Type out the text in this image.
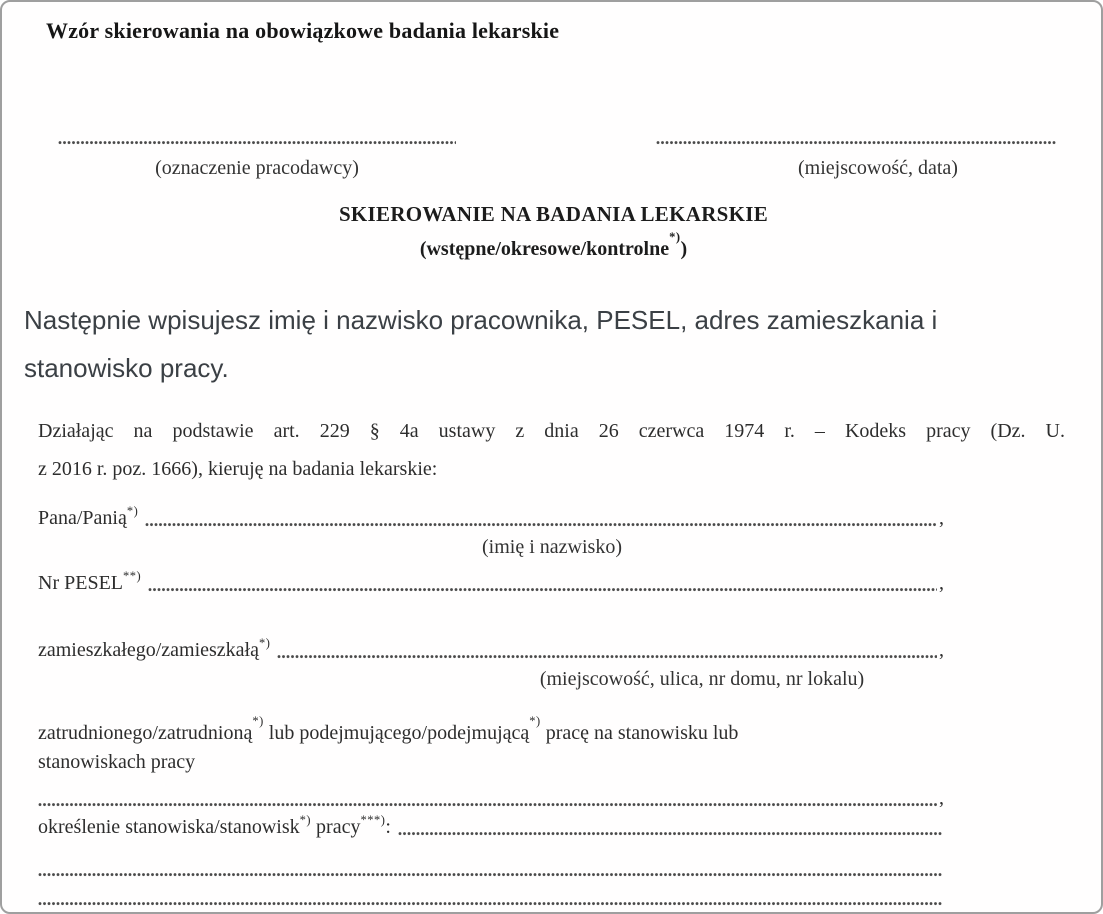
Wzór skierowania na obowiązkowe badania lekarskie
(oznaczenie pracodawcy)	(miejscowość, data)
SKIEROWANIE NA BADANIA LEKARSKIE
(wstępne/okresowe/kontrolne*))
Następnie wpisujesz imię i nazwisko pracownika, PESEL, adres zamieszkania i
stanowisko pracy.
Działając na podstawie art. 229 § 4a ustawy z dnia 26 czerwca 1974 r. – Kodeks pracy (Dz. U.
z 2016 r. poz. 1666), kieruję na badania lekarskie:
Pana/Panią *)	,
(imię i nazwisko)
Nr PESEL **)	,
zamieszkałego/zamieszkałą *)	,
(miejscowość, ulica, nr domu, nr lokalu)
zatrudnionego/zatrudnioną*) lub podejmującego/podejmującą*) pracę na stanowisku lub
stanowiskach pracy
,
określenie stanowiska/stanowisk *) pracy ***) :
